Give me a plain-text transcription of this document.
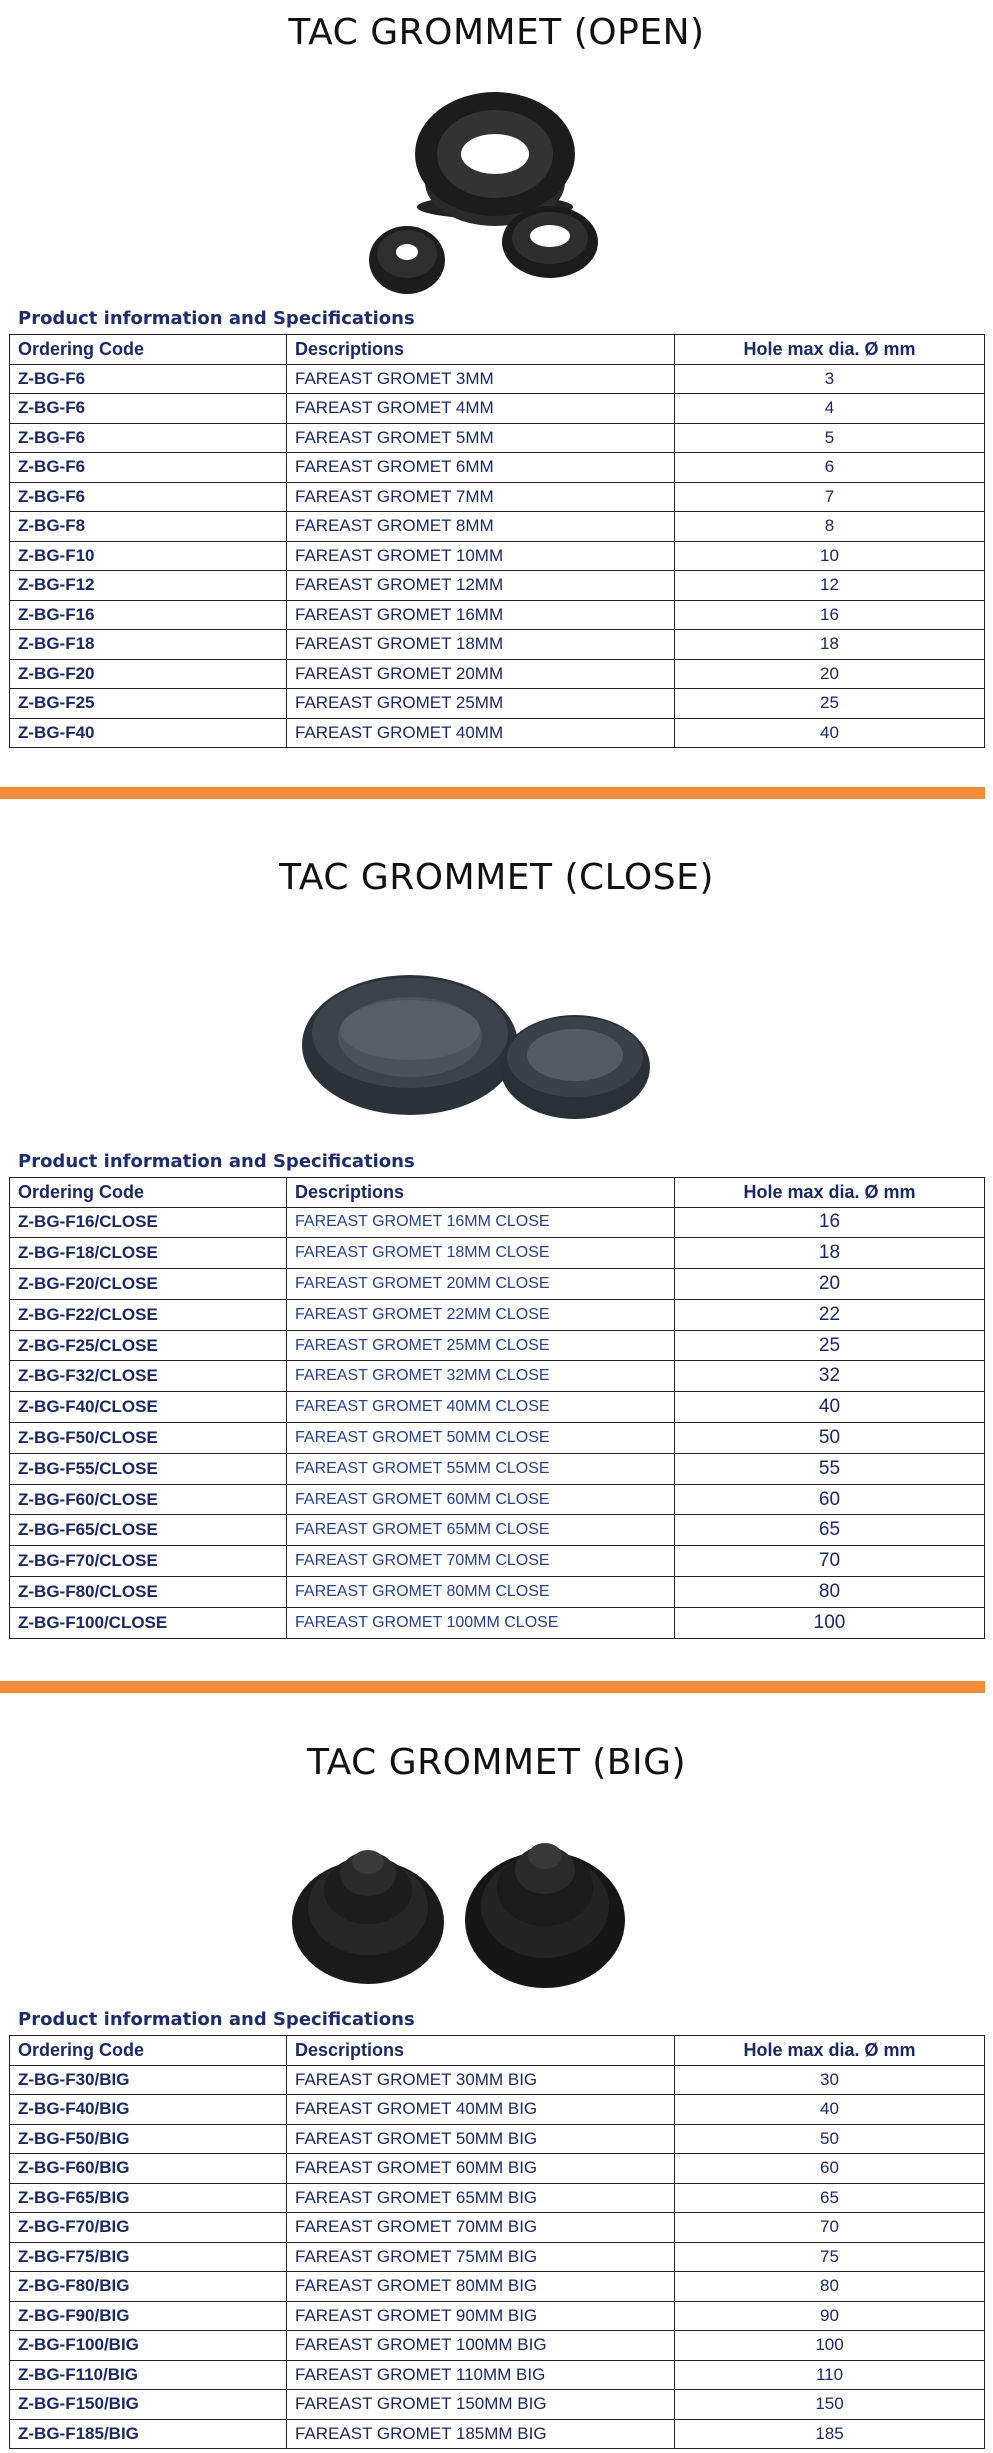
TAC GROMMET (OPEN)
Product information and Specifications
Ordering Code	Descriptions	Hole max dia. Ø mm
Z-BG-F6	FAREAST GROMET 3MM	3
Z-BG-F6	FAREAST GROMET 4MM	4
Z-BG-F6	FAREAST GROMET 5MM	5
Z-BG-F6	FAREAST GROMET 6MM	6
Z-BG-F6	FAREAST GROMET 7MM	7
Z-BG-F8	FAREAST GROMET 8MM	8
Z-BG-F10	FAREAST GROMET 10MM	10
Z-BG-F12	FAREAST GROMET 12MM	12
Z-BG-F16	FAREAST GROMET 16MM	16
Z-BG-F18	FAREAST GROMET 18MM	18
Z-BG-F20	FAREAST GROMET 20MM	20
Z-BG-F25	FAREAST GROMET 25MM	25
Z-BG-F40	FAREAST GROMET 40MM	40
TAC GROMMET (CLOSE)
Product information and Specifications
Ordering Code	Descriptions	Hole max dia. Ø mm
Z-BG-F16/CLOSE	FAREAST GROMET 16MM CLOSE	16
Z-BG-F18/CLOSE	FAREAST GROMET 18MM CLOSE	18
Z-BG-F20/CLOSE	FAREAST GROMET 20MM CLOSE	20
Z-BG-F22/CLOSE	FAREAST GROMET 22MM CLOSE	22
Z-BG-F25/CLOSE	FAREAST GROMET 25MM CLOSE	25
Z-BG-F32/CLOSE	FAREAST GROMET 32MM CLOSE	32
Z-BG-F40/CLOSE	FAREAST GROMET 40MM CLOSE	40
Z-BG-F50/CLOSE	FAREAST GROMET 50MM CLOSE	50
Z-BG-F55/CLOSE	FAREAST GROMET 55MM CLOSE	55
Z-BG-F60/CLOSE	FAREAST GROMET 60MM CLOSE	60
Z-BG-F65/CLOSE	FAREAST GROMET 65MM CLOSE	65
Z-BG-F70/CLOSE	FAREAST GROMET 70MM CLOSE	70
Z-BG-F80/CLOSE	FAREAST GROMET 80MM CLOSE	80
Z-BG-F100/CLOSE	FAREAST GROMET 100MM CLOSE	100
TAC GROMMET (BIG)
Product information and Specifications
Ordering Code	Descriptions	Hole max dia. Ø mm
Z-BG-F30/BIG	FAREAST GROMET 30MM BIG	30
Z-BG-F40/BIG	FAREAST GROMET 40MM BIG	40
Z-BG-F50/BIG	FAREAST GROMET 50MM BIG	50
Z-BG-F60/BIG	FAREAST GROMET 60MM BIG	60
Z-BG-F65/BIG	FAREAST GROMET 65MM BIG	65
Z-BG-F70/BIG	FAREAST GROMET 70MM BIG	70
Z-BG-F75/BIG	FAREAST GROMET 75MM BIG	75
Z-BG-F80/BIG	FAREAST GROMET 80MM BIG	80
Z-BG-F90/BIG	FAREAST GROMET 90MM BIG	90
Z-BG-F100/BIG	FAREAST GROMET 100MM BIG	100
Z-BG-F110/BIG	FAREAST GROMET 110MM BIG	110
Z-BG-F150/BIG	FAREAST GROMET 150MM BIG	150
Z-BG-F185/BIG	FAREAST GROMET 185MM BIG	185
